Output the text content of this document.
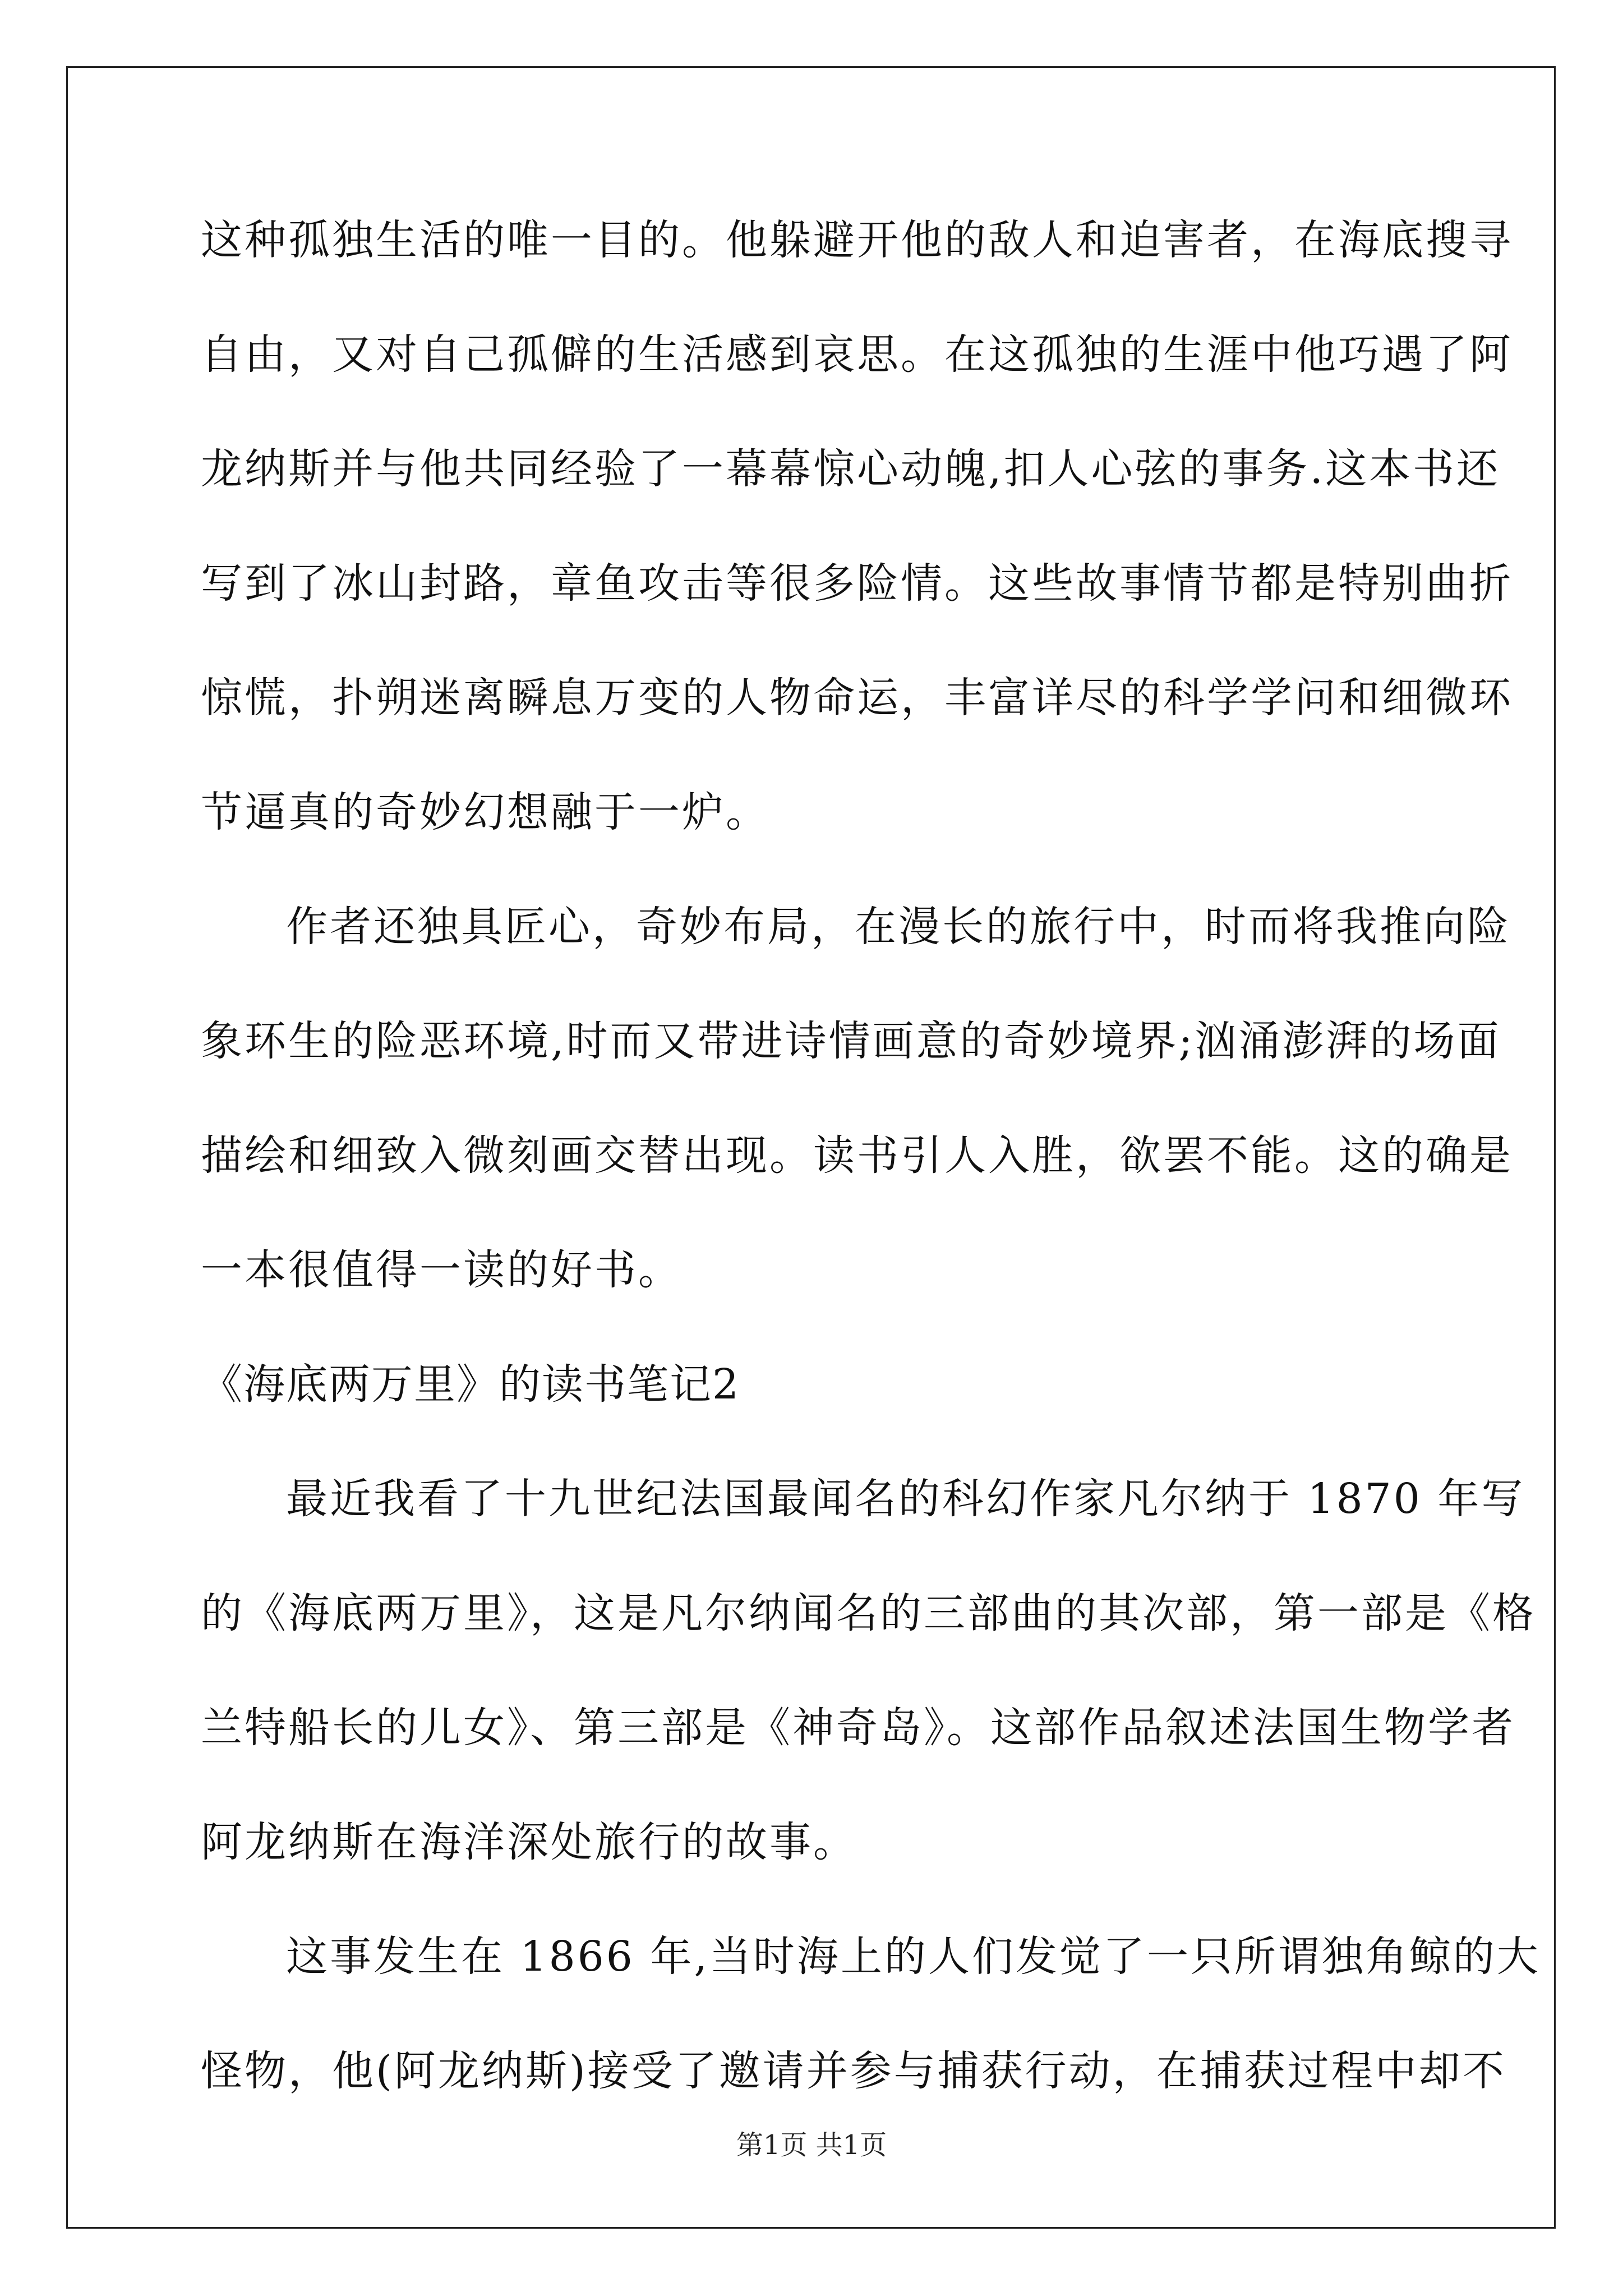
这种孤独生活的唯一目的。他躲避开他的敌人和迫害者，在海底搜寻
自由，又对自己孤僻的生活感到哀思。在这孤独的生涯中他巧遇了阿
龙纳斯并与他共同经验了一幕幕惊心动魄,扣人心弦的事务.这本书还
写到了冰山封路，章鱼攻击等很多险情。这些故事情节都是特别曲折
惊慌，扑朔迷离瞬息万变的人物命运，丰富详尽的科学学问和细微环
节逼真的奇妙幻想融于一炉。
作者还独具匠心，奇妙布局，在漫长的旅行中，时而将我推向险
象环生的险恶环境,时而又带进诗情画意的奇妙境界;汹涌澎湃的场面
描绘和细致入微刻画交替出现。读书引人入胜，欲罢不能。这的确是
一本很值得一读的好书。
《海底两万里》的读书笔记2
最近我看了十九世纪法国最闻名的科幻作家凡尔纳于 1870 年写
的《海底两万里》，这是凡尔纳闻名的三部曲的其次部，第一部是《格
兰特船长的儿女》、第三部是《神奇岛》。这部作品叙述法国生物学者
阿龙纳斯在海洋深处旅行的故事。
这事发生在 1866 年,当时海上的人们发觉了一只所谓独角鲸的大
怪物，他(阿龙纳斯)接受了邀请并参与捕获行动，在捕获过程中却不
第1页 共1页
